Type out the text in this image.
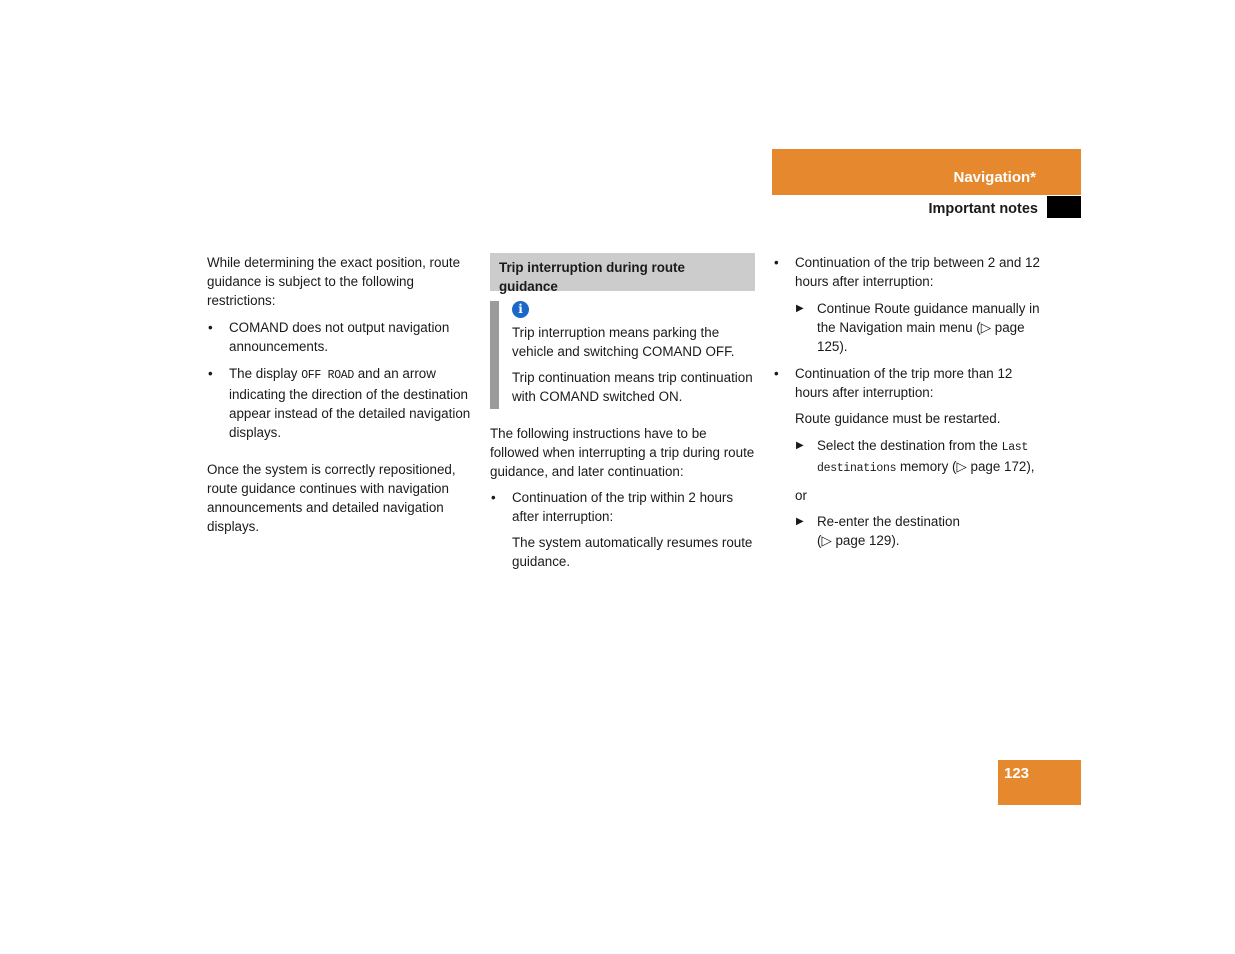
Navigation*
Important notes

While determining the exact position, route guidance is subject to the following restrictions:

• COMAND does not output navigation announcements.
• The display OFF ROAD and an arrow indicating the direction of the destination appear instead of the detailed navigation displays.

Once the system is correctly repositioned, route guidance continues with navigation announcements and detailed navigation displays.

Trip interruption during route guidance
i

Trip interruption means parking the vehicle and switching COMAND OFF.

Trip continuation means trip continuation with COMAND switched ON.

The following instructions have to be followed when interrupting a trip during route guidance, and later continuation:

• Continuation of the trip within 2 hours after interruption:

The system automatically resumes route guidance.

• Continuation of the trip between 2 and 12 hours after interruption:
▶ Continue Route guidance manually in the Navigation main menu (▷ page 125).
• Continuation of the trip more than 12 hours after interruption:

Route guidance must be restarted.

▶ Select the destination from the Last destinations memory (▷ page 172),

or

▶ Re-enter the destination (▷ page 129).
123
